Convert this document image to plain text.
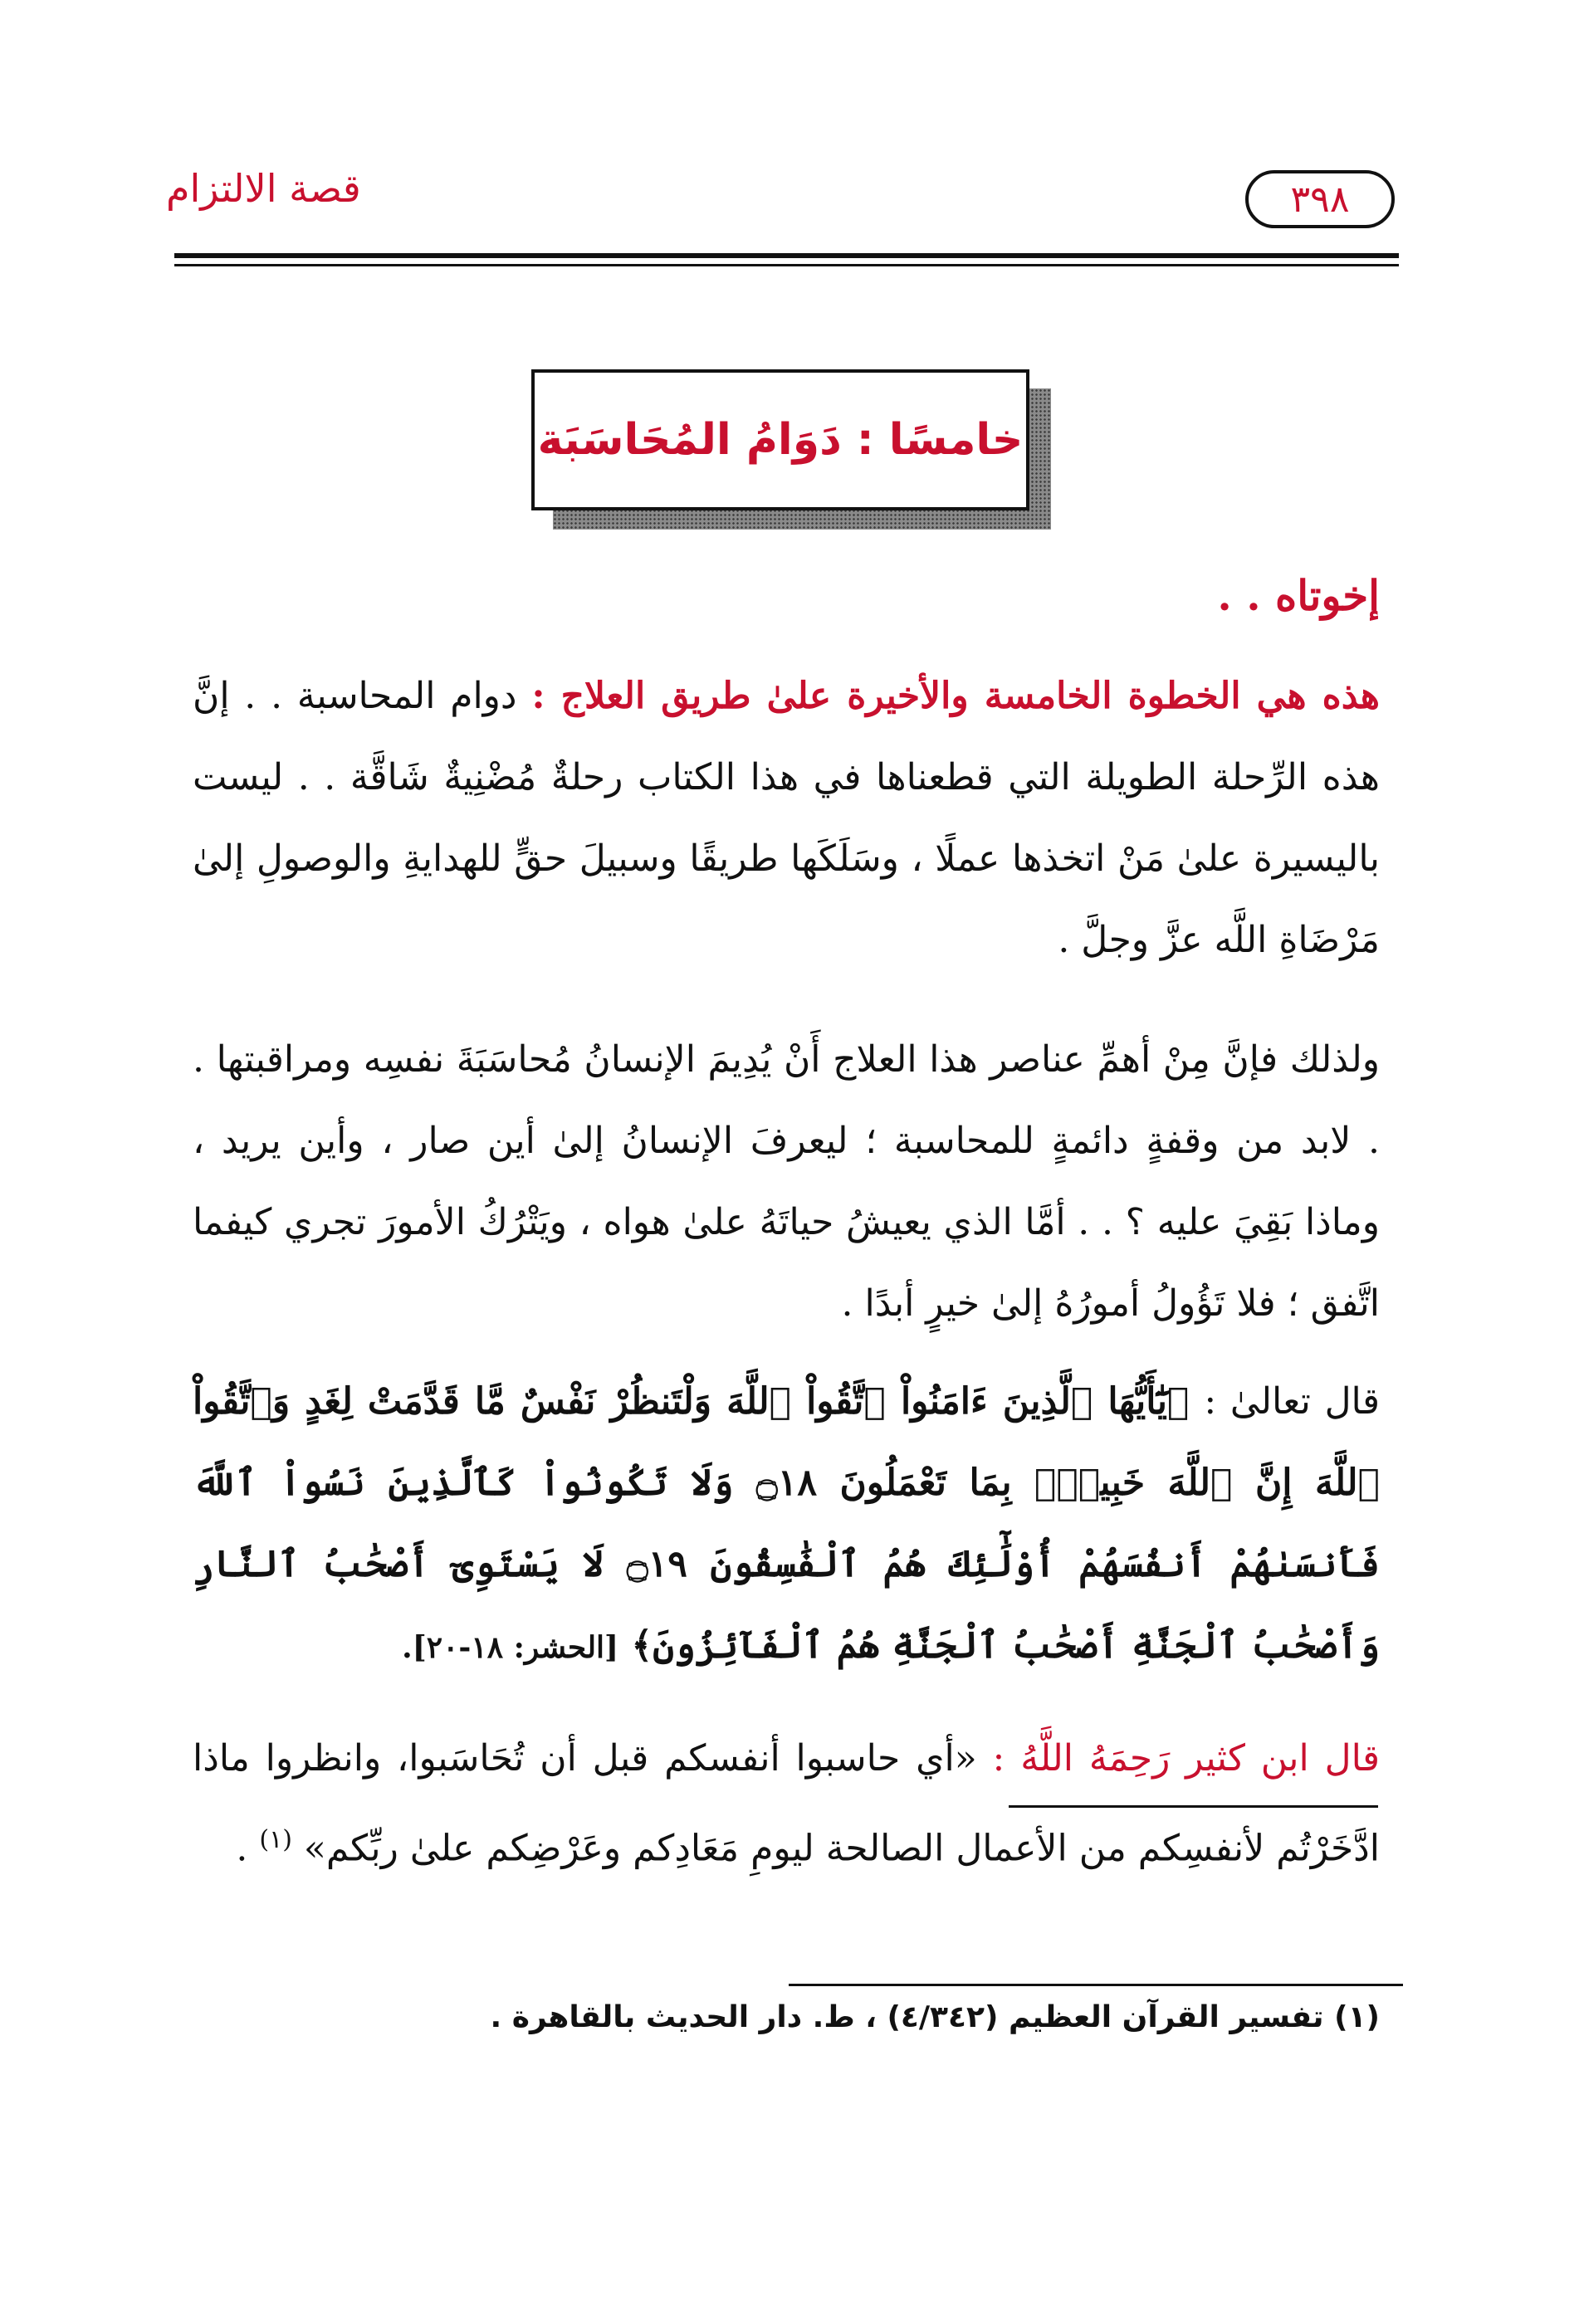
قصة الالتزام	٣٩٨
خامسًا : دَوَامُ المُحَاسَبَة
إخوتاه . .
هذه هي الخطوة الخامسة والأخيرة علىٰ طريق العلاج : دوام المحاسبة . . إنَّ هذه الرِّحلة الطويلة التي قطعناها في هذا الكتاب رحلةٌ مُضْنِيةٌ شَاقَّة . . ليست باليسيرة علىٰ مَنْ اتخذها عملًا ، وسَلَكَها طريقًا وسبيلَ حقٍّ للهدايةِ والوصولِ إلىٰ مَرْضَاةِ اللَّه عزَّ وجلَّ .
ولذلك فإنَّ مِنْ أهمِّ عناصر هذا العلاج أَنْ يُدِيمَ الإنسانُ مُحاسَبَةَ نفسِه ومراقبتها . . لابد من وقفةٍ دائمةٍ للمحاسبة ؛ ليعرفَ الإنسانُ إلىٰ أين صار ، وأين يريد ، وماذا بَقِيَ عليه ؟ . . أمَّا الذي يعيشُ حياتَهُ علىٰ هواه ، ويَتْرُكُ الأمورَ تجري كيفما اتَّفق ؛ فلا تَؤُولُ أمورُهُ إلىٰ خيرٍ أبدًا .
قال تعالىٰ : ﴿يَٰٓأَيُّهَا ٱلَّذِينَ ءَامَنُواْ ٱتَّقُواْ ٱللَّهَ وَلْتَنظُرْ نَفْسٌ مَّا قَدَّمَتْ لِغَدٍ وَٱتَّقُواْ ٱللَّهَ إِنَّ ٱللَّهَ خَبِيرُۢ بِمَا تَعْمَلُونَ ۝١٨ وَلَا تَكُونُواْ كَٱلَّذِينَ نَسُواْ ٱللَّهَ فَأَنسَىٰهُمْ أَنفُسَهُمْ أُوْلَٰٓئِكَ هُمُ ٱلْفَٰسِقُونَ ۝١٩ لَا يَسْتَوِىٓ أَصْحَٰبُ ٱلنَّارِ وَأَصْحَٰبُ ٱلْجَنَّةِ أَصْحَٰبُ ٱلْجَنَّةِ هُمُ ٱلْفَآئِزُونَ﴾ [الحشر: ١٨-٢٠].
قال ابن كثير رَحِمَهُ اللَّهُ : «أي حاسبوا أنفسكم قبل أن تُحَاسَبوا، وانظروا ماذا ادَّخَرْتُم لأنفسِكم من الأعمال الصالحة ليومِ مَعَادِكم وعَرْضِكم علىٰ ربِّكم» $^{(١)}$ .
(١) تفسير القرآن العظيم (٤/٣٤٢) ، ط. دار الحديث بالقاهرة .
